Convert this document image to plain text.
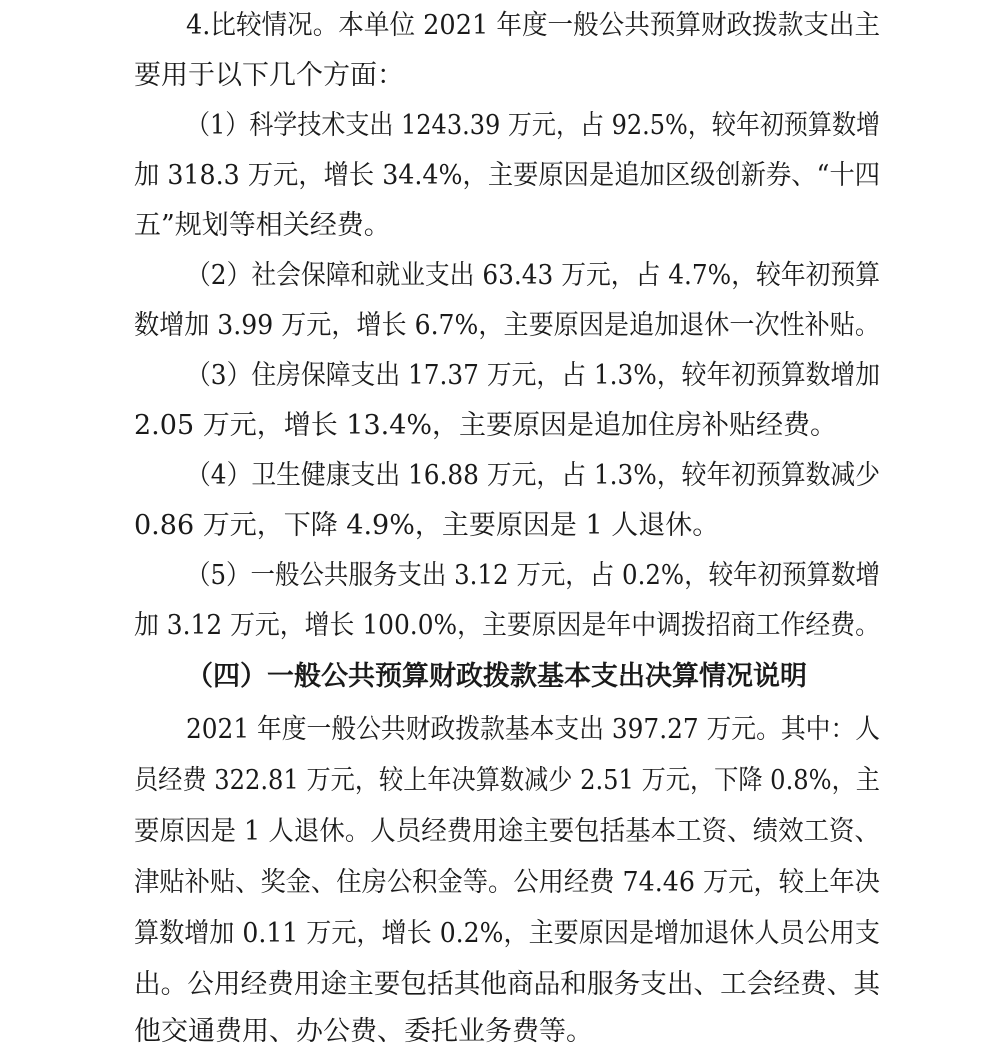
4.比较情况。本单位 2021 年度一般公共预算财政拨款支出主
要用于以下几个方面：
（1）科学技术支出 1243.39 万元，占 92.5%，较年初预算数增
加 318.3 万元，增长 34.4%，主要原因是追加区级创新券、“十四
五”规划等相关经费。
（2）社会保障和就业支出 63.43 万元，占 4.7%，较年初预算
数增加 3.99 万元，增长 6.7%，主要原因是追加退休一次性补贴。
（3）住房保障支出 17.37 万元，占 1.3%，较年初预算数增加
2.05 万元，增长 13.4%，主要原因是追加住房补贴经费。
（4）卫生健康支出 16.88 万元，占 1.3%，较年初预算数减少
0.86 万元，下降 4.9%，主要原因是 1 人退休。
（5）一般公共服务支出 3.12 万元，占 0.2%，较年初预算数增
加 3.12 万元，增长 100.0%，主要原因是年中调拨招商工作经费。
（四）一般公共预算财政拨款基本支出决算情况说明
2021 年度一般公共财政拨款基本支出 397.27 万元。其中：人
员经费 322.81 万元，较上年决算数减少 2.51 万元，下降 0.8%，主
要原因是 1 人退休。人员经费用途主要包括基本工资、绩效工资、
津贴补贴、奖金、住房公积金等。公用经费 74.46 万元，较上年决
算数增加 0.11 万元，增长 0.2%，主要原因是增加退休人员公用支
出。公用经费用途主要包括其他商品和服务支出、工会经费、其
他交通费用、办公费、委托业务费等。
